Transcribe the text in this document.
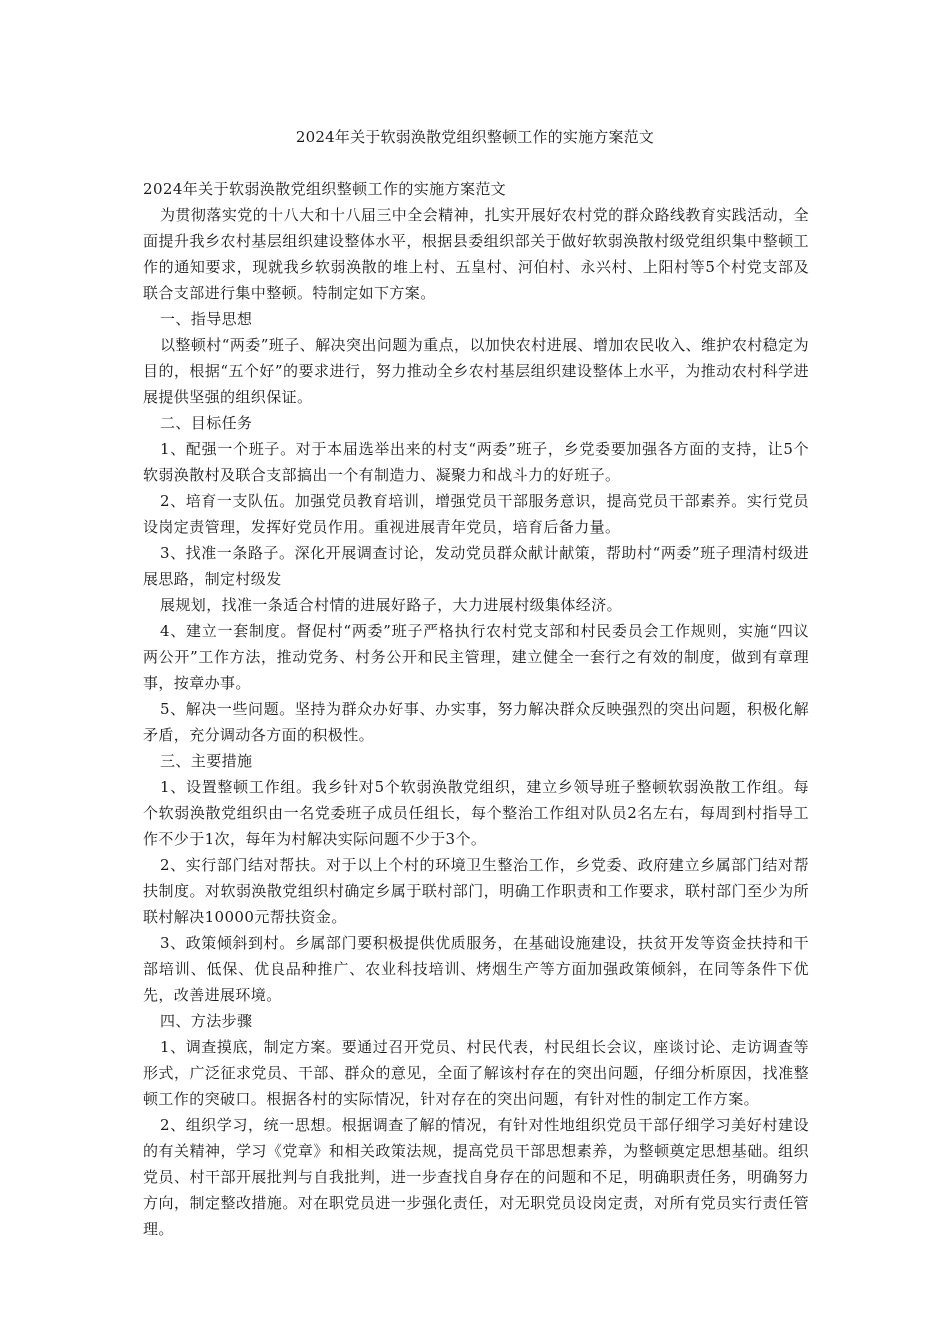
2024年关于软弱涣散党组织整顿工作的实施方案范文

2024年关于软弱涣散党组织整顿工作的实施方案范文

为贯彻落实党的十八大和十八届三中全会精神，扎实开展好农村党的群众路线教育实践活动，全面提升我乡农村基层组织建设整体水平，根据县委组织部关于做好软弱涣散村级党组织集中整顿工作的通知要求，现就我乡软弱涣散的堆上村、五皇村、河伯村、永兴村、上阳村等5个村党支部及联合支部进行集中整顿。特制定如下方案。

一、指导思想

以整顿村“两委”班子、解决突出问题为重点，以加快农村进展、增加农民收入、维护农村稳定为目的，根据“五个好”的要求进行，努力推动全乡农村基层组织建设整体上水平，为推动农村科学进展提供坚强的组织保证。

二、目标任务

1、配强一个班子。对于本届选举出来的村支“两委”班子，乡党委要加强各方面的支持，让5个软弱涣散村及联合支部搞出一个有制造力、凝聚力和战斗力的好班子。

2、培育一支队伍。加强党员教育培训，增强党员干部服务意识，提高党员干部素养。实行党员设岗定责管理，发挥好党员作用。重视进展青年党员，培育后备力量。

3、找准一条路子。深化开展调查讨论，发动党员群众献计献策，帮助村“两委”班子理清村级进展思路，制定村级发

展规划，找准一条适合村情的进展好路子，大力进展村级集体经济。

4、建立一套制度。督促村“两委”班子严格执行农村党支部和村民委员会工作规则，实施“四议两公开”工作方法，推动党务、村务公开和民主管理，建立健全一套行之有效的制度，做到有章理事，按章办事。

5、解决一些问题。坚持为群众办好事、办实事，努力解决群众反映强烈的突出问题，积极化解矛盾，充分调动各方面的积极性。

三、主要措施

1、设置整顿工作组。我乡针对5个软弱涣散党组织，建立乡领导班子整顿软弱涣散工作组。每个软弱涣散党组织由一名党委班子成员任组长，每个整治工作组对队员2名左右，每周到村指导工作不少于1次，每年为村解决实际问题不少于3个。

2、实行部门结对帮扶。对于以上个村的环境卫生整治工作，乡党委、政府建立乡属部门结对帮扶制度。对软弱涣散党组织村确定乡属于联村部门，明确工作职责和工作要求，联村部门至少为所联村解决10000元帮扶资金。

3、政策倾斜到村。乡属部门要积极提供优质服务，在基础设施建设，扶贫开发等资金扶持和干部培训、低保、优良品种推广、农业科技培训、烤烟生产等方面加强政策倾斜，在同等条件下优先，改善进展环境。

四、方法步骤

1、调查摸底，制定方案。要通过召开党员、村民代表，村民组长会议，座谈讨论、走访调查等形式，广泛征求党员、干部、群众的意见，全面了解该村存在的突出问题，仔细分析原因，找准整顿工作的突破口。根据各村的实际情况，针对存在的突出问题，有针对性的制定工作方案。

2、组织学习，统一思想。根据调查了解的情况，有针对性地组织党员干部仔细学习美好村建设的有关精神，学习《党章》和相关政策法规，提高党员干部思想素养，为整顿奠定思想基础。组织党员、村干部开展批判与自我批判，进一步查找自身存在的问题和不足，明确职责任务，明确努力方向，制定整改措施。对在职党员进一步强化责任，对无职党员设岗定责，对所有党员实行责任管理。
